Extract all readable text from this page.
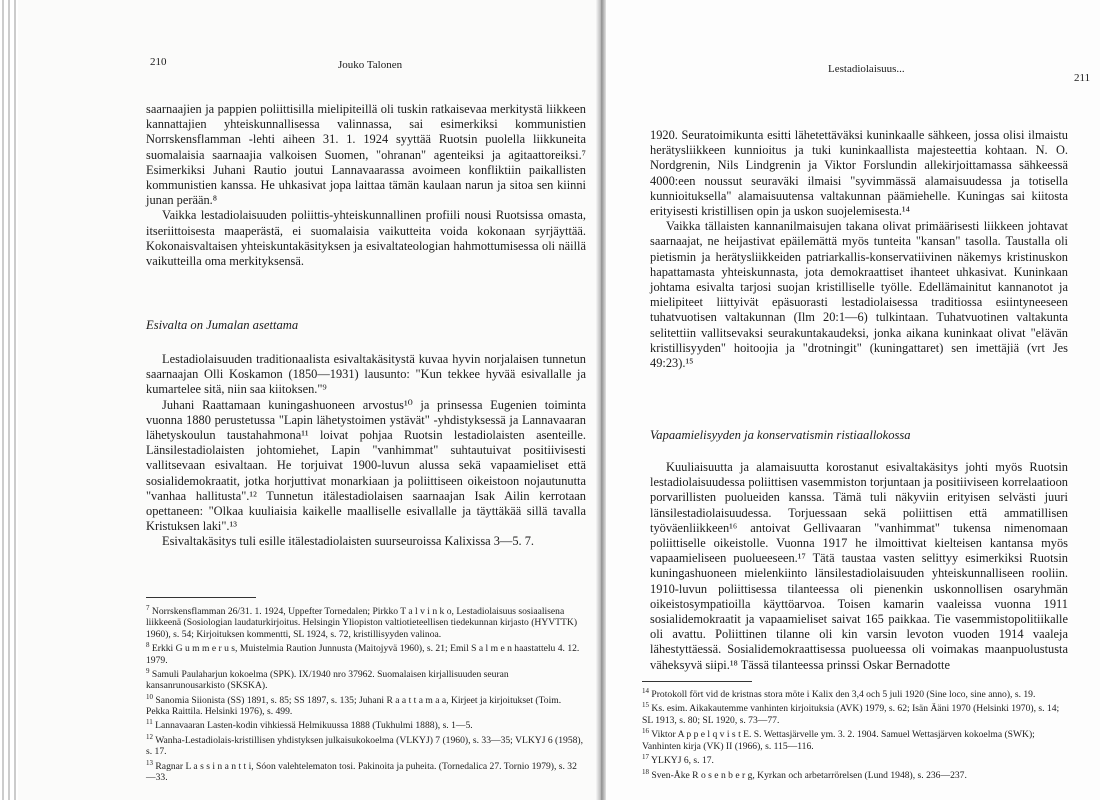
210	Jouko Talonen

saarnaajien ja pappien poliittisilla mielipiteillä oli tuskin ratkaisevaa merkitystä liikkeen kannattajien yhteiskunnallisessa valinnassa, sai esimerkiksi kommunistien Norrskensflamman -lehti aiheen 31. 1. 1924 syyttää Ruotsin puolella liikkuneita suomalaisia saarnaajia valkoisen Suomen, "ohranan" agenteiksi ja agitaattoreiksi.⁷ Esimerkiksi Juhani Rautio joutui Lannavaarassa avoimeen konfliktiin paikallisten kommunistien kanssa. He uhkasivat jopa laittaa tämän kaulaan narun ja sitoa sen kiinni junan perään.⁸

Vaikka lestadiolaisuuden poliittis-yhteiskunnallinen profiili nousi Ruotsissa omasta, itseriittoisesta maaperästä, ei suomalaisia vaikutteita voida kokonaan syrjäyttää. Kokonaisvaltaisen yhteiskuntakäsityksen ja esivaltateologian hahmottumisessa oli näillä vaikutteilla oma merkityksensä.

Esivalta on Jumalan asettama

Lestadiolaisuuden traditionaalista esivaltakäsitystä kuvaa hyvin norjalaisen tunnetun saarnaajan Olli Koskamon (1850—1931) lausunto: "Kun tekkee hyvää esivallalle ja kumartelee sitä, niin saa kiitoksen."⁹

Juhani Raattamaan kuningashuoneen arvostus¹⁰ ja prinsessa Eugenien toiminta vuonna 1880 perustetussa "Lapin lähetystoimen ystävät" -yhdistyksessä ja Lannavaaran lähetyskoulun taustahahmona¹¹ loivat pohjaa Ruotsin lestadiolaisten asenteille. Länsilestadiolaisten johtomiehet, Lapin "vanhimmat" suhtautuivat positiivisesti vallitsevaan esivaltaan. He torjuivat 1900-luvun alussa sekä vapaamieliset että sosialidemokraatit, jotka horjuttivat monarkiaan ja poliittiseen oikeistoon nojautunutta "vanhaa hallitusta".¹² Tunnetun itälestadiolaisen saarnaajan Isak Ailin kerrotaan opettaneen: "Olkaa kuuliaisia kaikelle maalliselle esivallalle ja täyttäkää sillä tavalla Kristuksen laki".¹³

Esivaltakäsitys tuli esille itälestadiolaisten suurseuroissa Kalixissa 3—5. 7.

$^7$ Norrskensflamman 26/31. 1. 1924, Uppefter Tornedalen; Pirkko T a l v i n k o, Lestadiolaisuus sosiaalisena liikkeenä (Sosiologian laudaturkirjoitus. Helsingin Yliopiston valtiotieteellisen tiedekunnan kirjasto (HYVTTK) 1960), s. 54; Kirjoituksen kommentti, SL 1924, s. 72, kristillisyyden valinoa.
$^8$ Erkki G u m m e r u s, Muistelmia Raution Junnusta (Maitojyvä 1960), s. 21; Emil S a l m e n haastattelu 4. 12. 1979.
$^9$ Samuli Paulaharjun kokoelma (SPK). IX/1940 nro 37962. Suomalaisen kirjallisuuden seuran kansanrunousarkisto (SKSKA).
$^{10}$ Sanomia Siionista (SS) 1891, s. 85; SS 1897, s. 135; Juhani R a a t t a m a a, Kirjeet ja kirjoitukset (Toim. Pekka Raittila. Helsinki 1976), s. 499.
$^{11}$ Lannavaaran Lasten-kodin vihkiessä Helmikuussa 1888 (Tukhulmi 1888), s. 1—5.
$^{12}$ Wanha-Lestadiolais-kristillisen yhdistyksen julkaisukokoelma (VLKYJ) 7 (1960), s. 33—35; VLKYJ 6 (1958), s. 17.
$^{13}$ Ragnar L a s s i n a n t t i, Sóon valehtelematon tosi. Pakinoita ja puheita. (Tornedalica 27. Tornio 1979), s. 32—33.
Lestadiolaisuus...
211

1920. Seuratoimikunta esitti lähetettäväksi kuninkaalle sähkeen, jossa olisi ilmaistu herätysliikkeen kunnioitus ja tuki kuninkaallista majesteettia kohtaan. N. O. Nordgrenin, Nils Lindgrenin ja Viktor Forslundin allekirjoittamassa sähkeessä 4000:een noussut seuraväki ilmaisi "syvimmässä alamaisuudessa ja totisella kunnioituksella" alamaisuutensa valtakunnan päämiehelle. Kuningas sai kiitosta erityisesti kristillisen opin ja uskon suojelemisesta.¹⁴

Vaikka tällaisten kannanilmaisujen takana olivat primäärisesti liikkeen johtavat saarnaajat, ne heijastivat epäilemättä myös tunteita "kansan" tasolla. Taustalla oli pietismin ja herätysliikkeiden patriarkallis-konservatiivinen näkemys kristinuskon hapattamasta yhteiskunnasta, jota demokraattiset ihanteet uhkasivat. Kuninkaan johtama esivalta tarjosi suojan kristilliselle työlle. Edellämainitut kannanotot ja mielipiteet liittyivät epäsuorasti lestadiolaisessa traditiossa esiintyneeseen tuhatvuotisen valtakunnan (Ilm 20:1—6) tulkintaan. Tuhatvuotinen valtakunta selitettiin vallitsevaksi seurakuntakaudeksi, jonka aikana kuninkaat olivat "elävän kristillisyyden" hoitoojia ja "drotningit" (kuningattaret) sen imettäjiä (vrt Jes 49:23).¹⁵

Vapaamielisyyden ja konservatismin ristiaallokossa

Kuuliaisuutta ja alamaisuutta korostanut esivaltakäsitys johti myös Ruotsin lestadiolaisuudessa poliittisen vasemmiston torjuntaan ja positiiviseen korrelaatioon porvarillisten puolueiden kanssa. Tämä tuli näkyviin erityisen selvästi juuri länsilestadiolaisuudessa. Torjuessaan sekä poliittisen että ammatillisen työväenliikkeen¹⁶ antoivat Gellivaaran "vanhimmat" tukensa nimenomaan poliittiselle oikeistolle. Vuonna 1917 he ilmoittivat kielteisen kantansa myös vapaamieliseen puolueeseen.¹⁷ Tätä taustaa vasten selittyy esimerkiksi Ruotsin kuningashuoneen mielenkiinto länsilestadiolaisuuden yhteiskunnalliseen rooliin. 1910-luvun poliittisessa tilanteessa oli pienenkin uskonnollisen osaryhmän oikeistosympatioilla käyttöarvoa. Toisen kamarin vaaleissa vuonna 1911 sosialidemokraatit ja vapaamieliset saivat 165 paikkaa. Tie vasemmistopolitiikalle oli avattu. Poliittinen tilanne oli kin varsin levoton vuoden 1914 vaaleja lähestyttäessä. Sosialidemokraattisessa puolueessa oli voimakas maanpuolustusta väheksyvä siipi.¹⁸ Tässä tilanteessa prinssi Oskar Bernadotte

$^{14}$ Protokoll fört vid de kristnas stora möte i Kalix den 3,4 och 5 juli 1920 (Sine loco, sine anno), s. 19.
$^{15}$ Ks. esim. Aikakautemme vanhinten kirjoituksia (AVK) 1979, s. 62; Isän Ääni 1970 (Helsinki 1970), s. 14; SL 1913, s. 80; SL 1920, s. 73—77.
$^{16}$ Viktor A p p e l q v i s t E. S. Wettasjärvelle ym. 3. 2. 1904. Samuel Wettasjärven kokoelma (SWK); Vanhinten kirja (VK) II (1966), s. 115—116.
$^{17}$ YLKYJ 6, s. 17.
$^{18}$ Sven-Åke R o s e n b e r g, Kyrkan och arbetarrörelsen (Lund 1948), s. 236—237.
